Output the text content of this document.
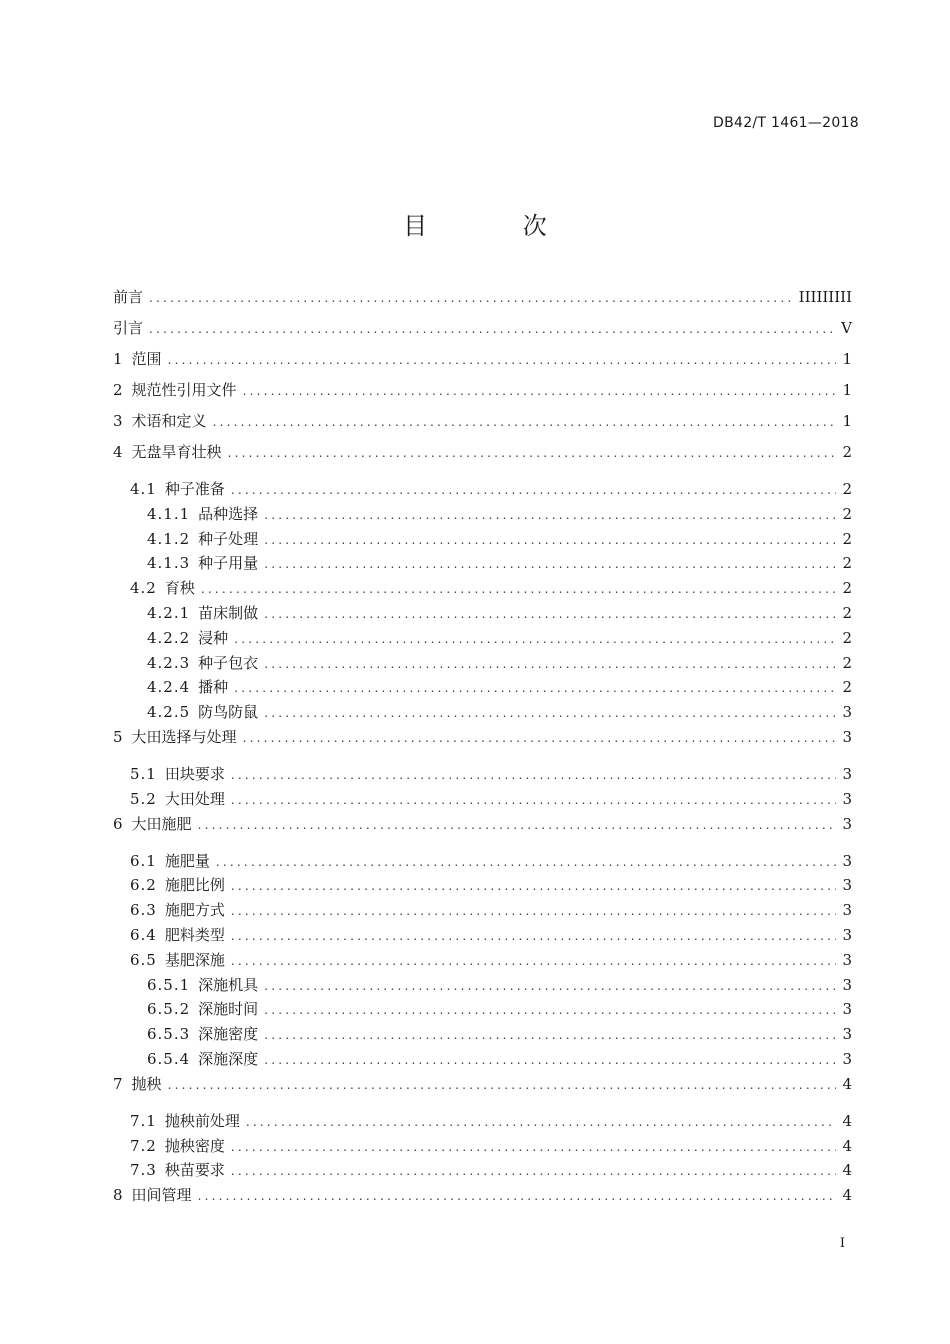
DB42/T 1461—2018
目 次
前言 .....	IIIIIIIII
引言 .....	V
1 范围 .....	1
2 规范性引用文件 .....	1
3 术语和定义 .....	1
4 无盘旱育壮秧 .....	2
4.1 种子准备 .....	2
4.1.1 品种选择 .....	2
4.1.2 种子处理 .....	2
4.1.3 种子用量 .....	2
4.2 育秧 .....	2
4.2.1 苗床制做 .....	2
4.2.2 浸种 .....	2
4.2.3 种子包衣 .....	2
4.2.4 播种 .....	2
4.2.5 防鸟防鼠 .....	3
5 大田选择与处理 .....	3
5.1 田块要求 .....	3
5.2 大田处理 .....	3
6 大田施肥 .....	3
6.1 施肥量 .....	3
6.2 施肥比例 .....	3
6.3 施肥方式 .....	3
6.4 肥料类型 .....	3
6.5 基肥深施 .....	3
6.5.1 深施机具 .....	3
6.5.2 深施时间 .....	3
6.5.3 深施密度 .....	3
6.5.4 深施深度 .....	3
7 抛秧 .....	4
7.1 抛秧前处理 .....	4
7.2 抛秧密度 .....	4
7.3 秧苗要求 .....	4
8 田间管理 .....	4
I
